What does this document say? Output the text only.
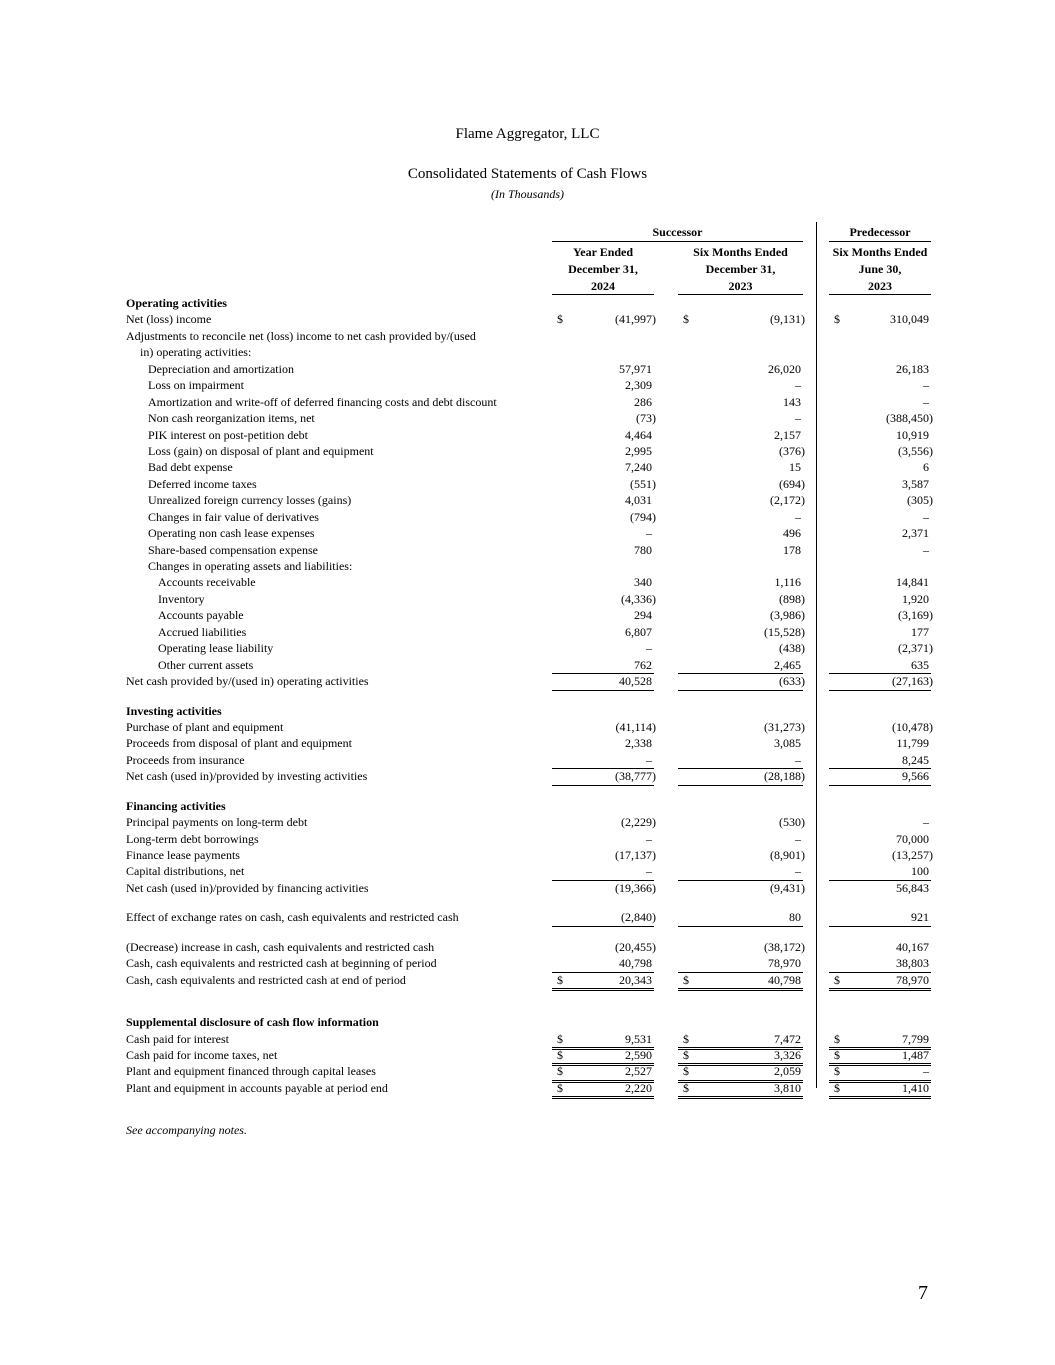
Flame Aggregator, LLC
Consolidated Statements of Cash Flows
(In Thousands)
Successor	Predecessor
Year Ended
December 31,
2024
Six Months Ended
December 31,
2023
Six Months Ended
June 30,
2023
Operating activities
Net (loss) income	$	(41,997) $	(9,131) $	310,049
Adjustments to reconcile net (loss) income to net cash provided by/(used
in) operating activities:
Depreciation and amortization	57,971	26,020	26,183
Loss on impairment	2,309	–	–
Amortization and write-off of deferred financing costs and debt discount	286	143	–
Non cash reorganization items, net	(73)	–	(388,450)
PIK interest on post-petition debt	4,464	2,157	10,919
Loss (gain) on disposal of plant and equipment	2,995	(376)	(3,556)
Bad debt expense	7,240	15	6
Deferred income taxes	(551)	(694)	3,587
Unrealized foreign currency losses (gains)	4,031	(2,172)	(305)
Changes in fair value of derivatives	(794)	–	–
Operating non cash lease expenses	–	496	2,371
Share-based compensation expense	780	178	–
Changes in operating assets and liabilities:
Accounts receivable	340	1,116	14,841
Inventory	(4,336)	(898)	1,920
Accounts payable	294	(3,986)	(3,169)
Accrued liabilities	6,807	(15,528)	177
Operating lease liability	–	(438)	(2,371)
Other current assets	762	2,465	635
Net cash provided by/(used in) operating activities	40,528	(633)	(27,163)
Investing activities
Purchase of plant and equipment	(41,114)	(31,273)	(10,478)
Proceeds from disposal of plant and equipment	2,338	3,085	11,799
Proceeds from insurance	–	–	8,245
Net cash (used in)/provided by investing activities	(38,777)	(28,188)	9,566
Financing activities
Principal payments on long-term debt	(2,229)	(530)	–
Long-term debt borrowings	–	–	70,000
Finance lease payments	(17,137)	(8,901)	(13,257)
Capital distributions, net	–	–	100
Net cash (used in)/provided by financing activities	(19,366)	(9,431)	56,843
Effect of exchange rates on cash, cash equivalents and restricted cash	(2,840)	80	921
(Decrease) increase in cash, cash equivalents and restricted cash	(20,455)	(38,172)	40,167
Cash, cash equivalents and restricted cash at beginning of period	40,798	78,970	38,803
Cash, cash equivalents and restricted cash at end of period	$	20,343	$	40,798	$	78,970
Supplemental disclosure of cash flow information
Cash paid for interest	$	9,531	$	7,472	$	7,799
Cash paid for income taxes, net	$	2,590	$	3,326	$	1,487
Plant and equipment financed through capital leases	$	2,527	$	2,059	$	–
Plant and equipment in accounts payable at period end	$	2,220	$	3,810	$	1,410
See accompanying notes.
7
